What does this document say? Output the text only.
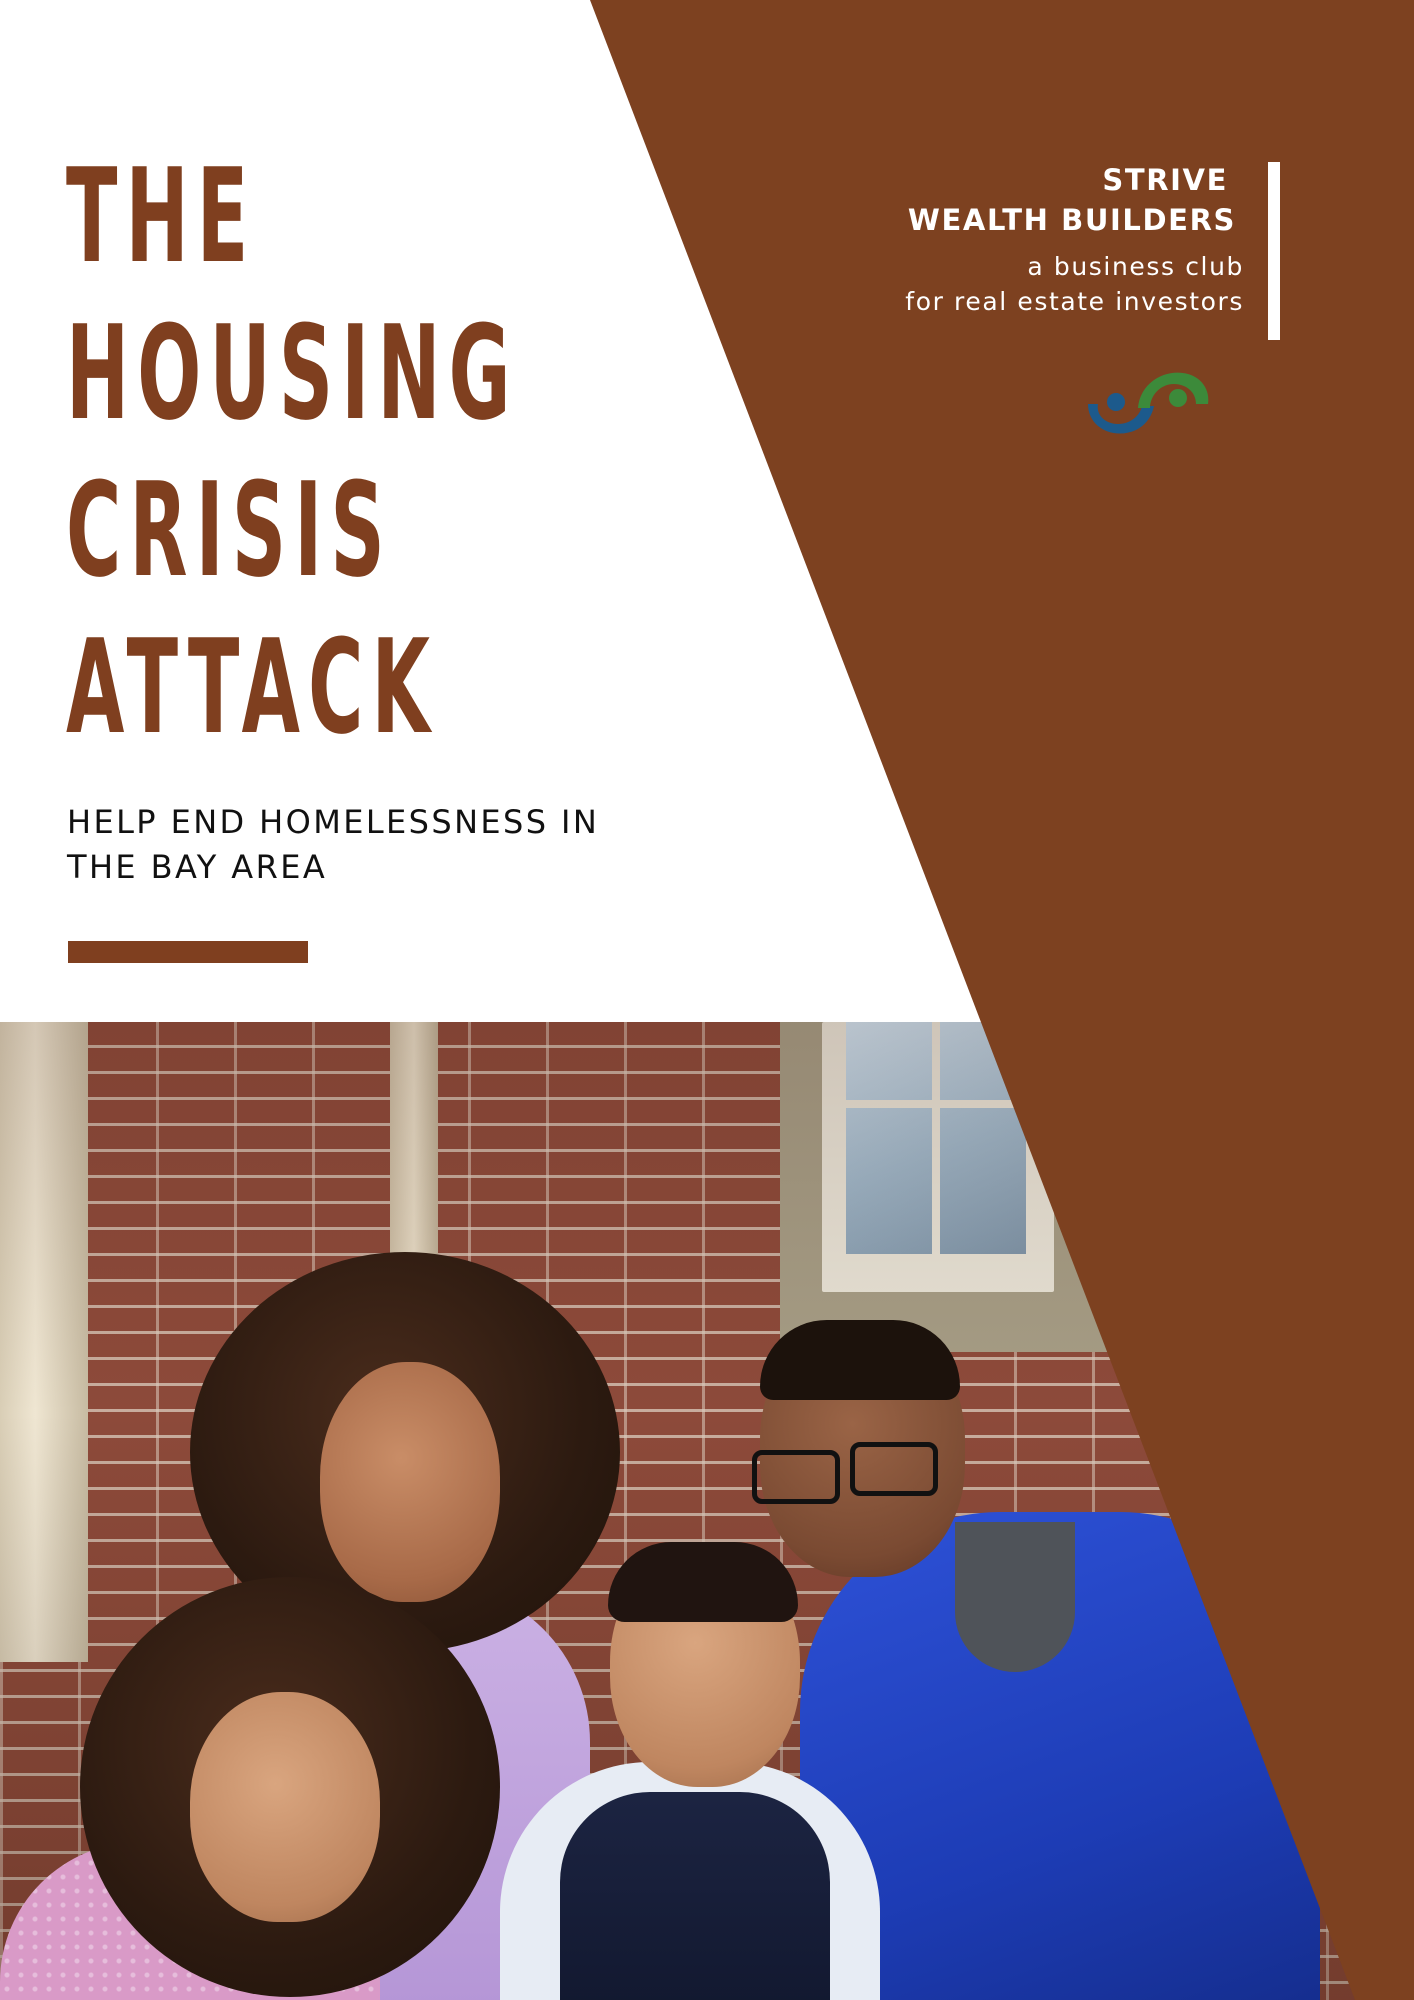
THE
HOUSING
CRISIS
ATTACK
HELP END HOMELESSNESS IN
THE BAY AREA
STRIVE
WEALTH BUILDERS
a business club
for real estate investors
